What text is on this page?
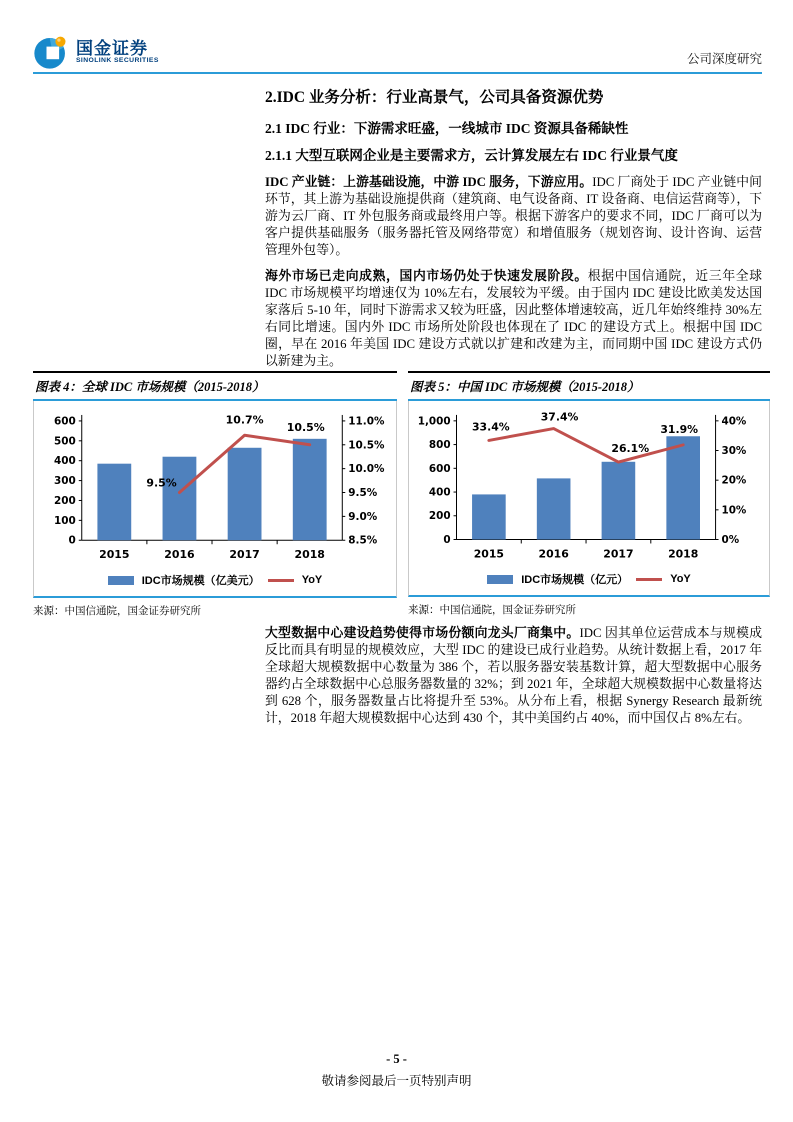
国金证券
SINOLINK SECURITIES	公司深度研究
2.IDC 业务分析：行业高景气，公司具备资源优势
2.1 IDC 行业：下游需求旺盛，一线城市 IDC 资源具备稀缺性
2.1.1 大型互联网企业是主要需求方，云计算发展左右 IDC 行业景气度

IDC 产业链：上游基础设施，中游 IDC 服务，下游应用。IDC 厂商处于 IDC 产业链中间环节，其上游为基础设施提供商（建筑商、电气设备商、IT 设备商、电信运营商等），下游为云厂商、IT 外包服务商或最终用户等。根据下游客户的要求不同，IDC 厂商可以为客户提供基础服务（服务器托管及网络带宽）和增值服务（规划咨询、设计咨询、运营管理外包等）。

海外市场已走向成熟，国内市场仍处于快速发展阶段。根据中国信通院，近三年全球 IDC 市场规模平均增速仅为 10%左右，发展较为平缓。由于国内 IDC 建设比欧美发达国家落后 5-10 年，同时下游需求又较为旺盛，因此整体增速较高，近几年始终维持 30%左右同比增速。国内外 IDC 市场所处阶段也体现在了 IDC 的建设方式上。根据中国 IDC 圈，早在 2016 年美国 IDC 建设方式就以扩建和改建为主，而同期中国 IDC 建设方式仍以新建为主。

图表 4：全球 IDC 市场规模（2015-2018）
0
100
200
300
400
500
600
8.5%
9.0%
9.5%
10.0%
10.5%
11.0%
2015	2016	2017	2018
9.5%
10.7%
10.5%
IDC市场规模（亿美元）	YoY
来源：中国信通院，国金证券研究所
图表 5：中国 IDC 市场规模（2015-2018）
0
200
400
600
800
1,000
0%
10%
20%
30%
40%
2015	2016	2017	2018
33.4%
37.4%
26.1%
31.9%
IDC市场规模（亿元）	YoY
来源：中国信通院，国金证券研究所

大型数据中心建设趋势使得市场份额向龙头厂商集中。IDC 因其单位运营成本与规模成反比而具有明显的规模效应，大型 IDC 的建设已成行业趋势。从统计数据上看，2017 年全球超大规模数据中心数量为 386 个，若以服务器安装基数计算，超大型数据中心服务器约占全球数据中心总服务器数量的 32%；到 2021 年，全球超大规模数据中心数量将达到 628 个，服务器数量占比将提升至 53%。从分布上看，根据 Synergy Research 最新统计，2018 年超大规模数据中心达到 430 个，其中美国约占 40%，而中国仅占 8%左右。

- 5 -
敬请参阅最后一页特别声明
